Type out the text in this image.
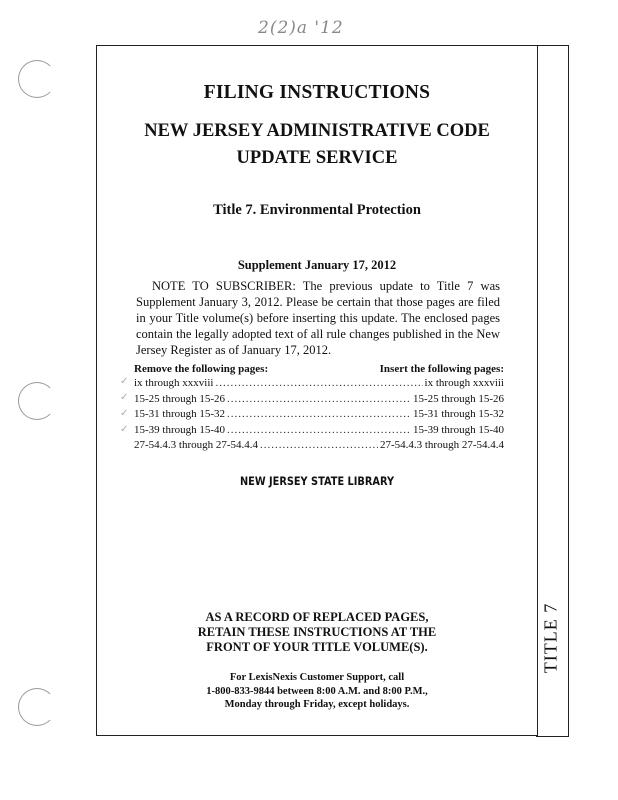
2(2)a '12
TITLE 7
FILING INSTRUCTIONS
NEW JERSEY ADMINISTRATIVE CODE
UPDATE SERVICE
Title 7. Environmental Protection
Supplement January 17, 2012
NOTE TO SUBSCRIBER: The previous update to Title 7 was Supplement January 3, 2012. Please be certain that those pages are filed in your Title volume(s) before inserting this update. The enclosed pages contain the legally adopted text of all rule changes published in the New Jersey Register as of January 17, 2012.
Remove the following pages:	Insert the following pages:
ix through xxxviii .....	ix through xxxviii
15-25 through 15-26 .....	15-25 through 15-26
15-31 through 15-32 .....	15-31 through 15-32
15-39 through 15-40 .....	15-39 through 15-40
27-54.4.3 through 27-54.4.4 .....	27-54.4.3 through 27-54.4.4
NEW JERSEY STATE LIBRARY
AS A RECORD OF REPLACED PAGES,
RETAIN THESE INSTRUCTIONS AT THE
FRONT OF YOUR TITLE VOLUME(S).
For LexisNexis Customer Support, call
1-800-833-9844 between 8:00 A.M. and 8:00 P.M.,
Monday through Friday, except holidays.
✓
✓
✓
✓
